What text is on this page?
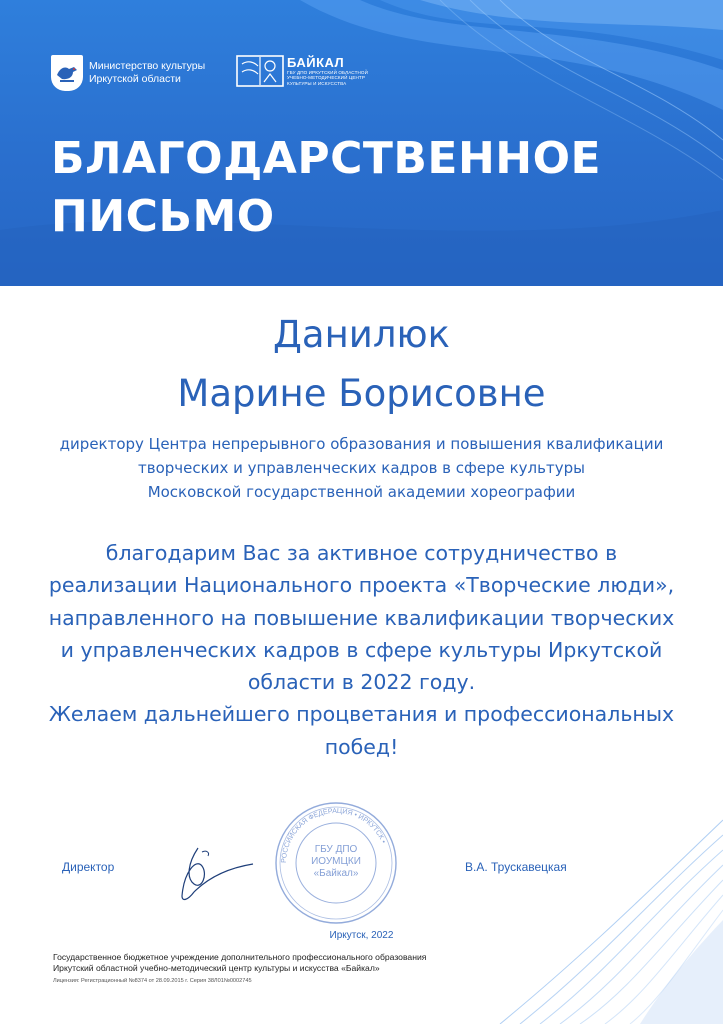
Министерство культуры
Иркутской области
БАЙКАЛ
ГБУ ДПО ИРКУТСКИЙ ОБЛАСТНОЙ
УЧЕБНО-МЕТОДИЧЕСКИЙ ЦЕНТР
КУЛЬТУРЫ И ИСКУССТВА
БЛАГОДАРСТВЕННОЕ
ПИСЬМО
Данилюк
Марине Борисовне
директору Центра непрерывного образования и повышения квалификации
творческих и управленческих кадров в сфере культуры
Московской государственной академии хореографии
благодарим Вас за активное сотрудничество в
реализации Национального проекта «Творческие люди»,
направленного на повышение квалификации творческих
и управленческих кадров в сфере культуры Иркутской
области в 2022 году.
Желаем дальнейшего процветания и профессиональных
побед!
Директор	РОССИЙСКАЯ ФЕДЕРАЦИЯ • ИРКУТСК •
ГБУ ДПО ИОУМЦКИ «Байкал»	В.А. Трускавецкая
Иркутск, 2022
Государственное бюджетное учреждение дополнительного профессионального образования
Иркутский областной учебно-методический центр культуры и искусства «Байкал»
Лицензия: Регистрационный №8374 от 28.09.2015 г. Серия 38Л01№0002745
